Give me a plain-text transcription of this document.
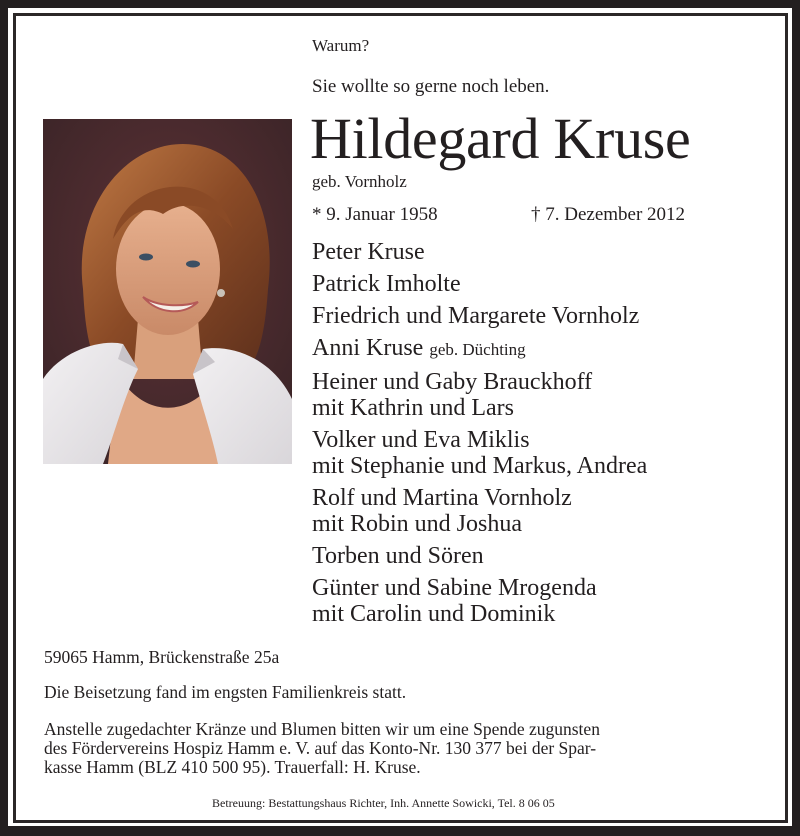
Warum?
Sie wollte so gerne noch leben.
Hildegard Kruse
geb. Vornholz
* 9. Januar 1958	† 7. Dezember 2012
Peter Kruse
Patrick Imholte
Friedrich und Margarete Vornholz
Anni Kruse geb. Düchting
Heiner und Gaby Brauckhoff
mit Kathrin und Lars
Volker und Eva Miklis
mit Stephanie und Markus, Andrea
Rolf und Martina Vornholz
mit Robin und Joshua
Torben und Sören
Günter und Sabine Mrogenda
mit Carolin und Dominik
59065 Hamm, Brückenstraße 25a
Die Beisetzung fand im engsten Familienkreis statt.
Anstelle zugedachter Kränze und Blumen bitten wir um eine Spende zugunsten
des Fördervereins Hospiz Hamm e. V. auf das Konto-Nr. 130 377 bei der Spar-
kasse Hamm (BLZ 410 500 95). Trauerfall: H. Kruse.
Betreuung: Bestattungshaus Richter, Inh. Annette Sowicki, Tel. 8 06 05
